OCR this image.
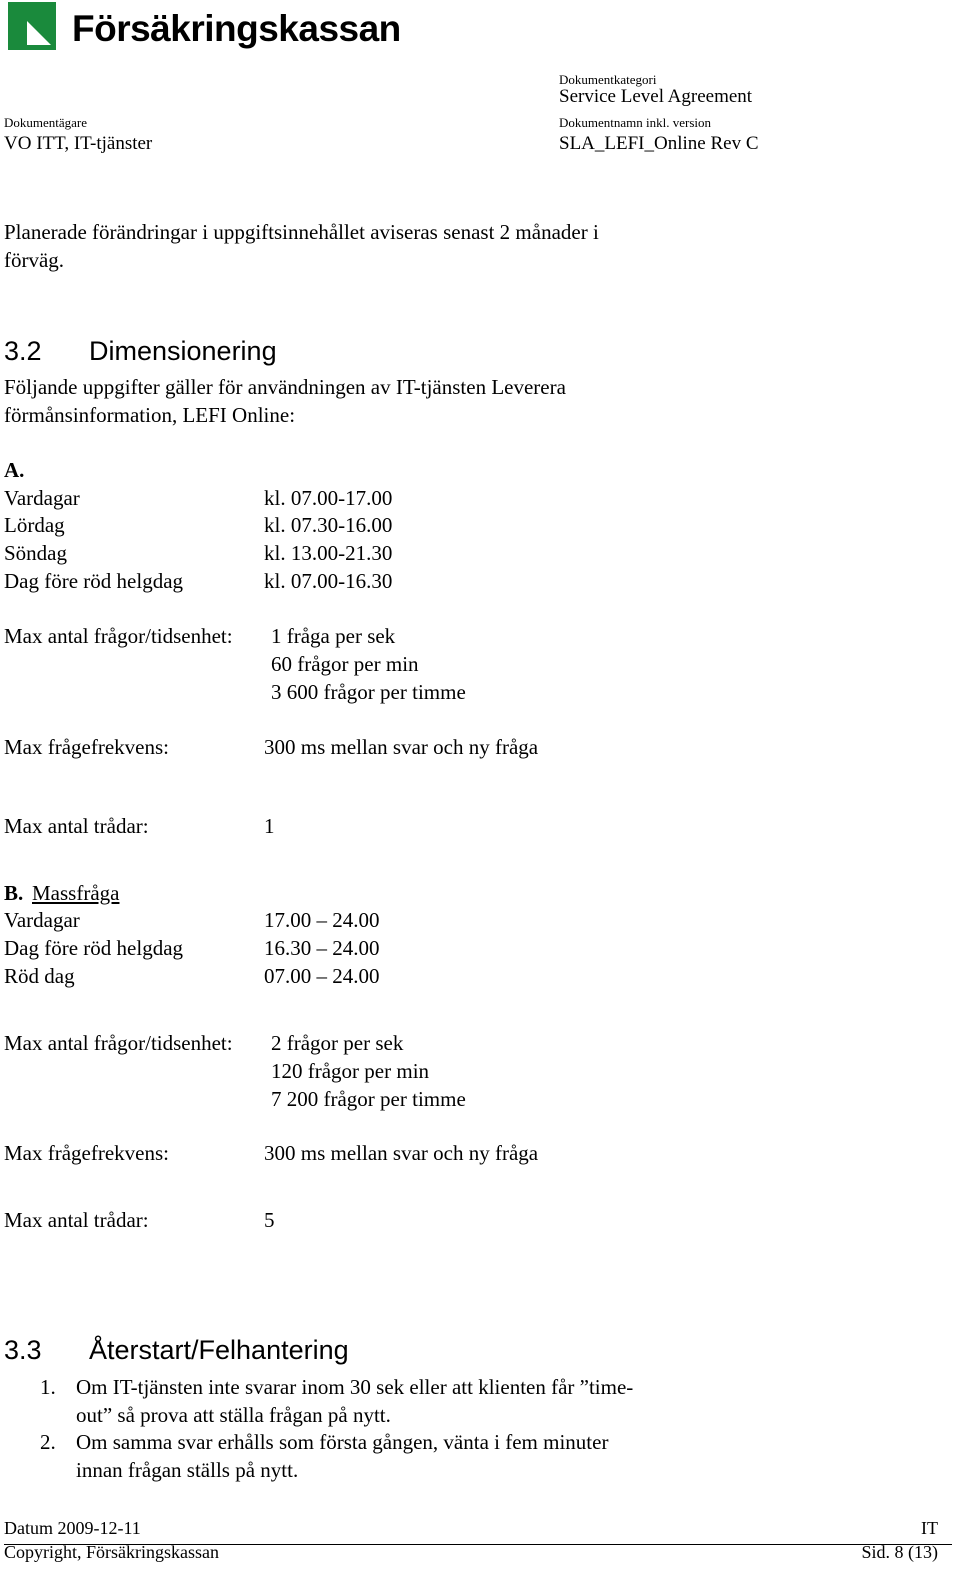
Försäkringskassan
Dokumentkategori
Service Level Agreement
Dokumentägare
VO ITT, IT-tjänster
Dokumentnamn inkl. version
SLA_LEFI_Online Rev C
Planerade förändringar i uppgiftsinnehållet aviseras senast 2 månader i
förväg.
3.2 Dimensionering
Följande uppgifter gäller för användningen av IT-tjänsten Leverera
förmånsinformation, LEFI Online:
A.
Vardagar	kl. 07.00-17.00
Lördag	kl. 07.30-16.00
Söndag	kl. 13.00-21.30
Dag före röd helgdag	kl. 07.00-16.30
Max antal frågor/tidsenhet: 1 fråga per sek
60 frågor per min
3 600 frågor per timme
Max frågefrekvens:	300 ms mellan svar och ny fråga
Max antal trådar:	1
B. Massfråga
Vardagar	17.00 – 24.00
Dag före röd helgdag	16.30 – 24.00
Röd dag	07.00 – 24.00
Max antal frågor/tidsenhet: 2 frågor per sek
120 frågor per min
7 200 frågor per timme
Max frågefrekvens:	300 ms mellan svar och ny fråga
Max antal trådar:	5
3.3 Återstart/Felhantering
1. Om IT-tjänsten inte svarar inom 30 sek eller att klienten får ”time-
out” så prova att ställa frågan på nytt.
2. Om samma svar erhålls som första gången, vänta i fem minuter
innan frågan ställs på nytt.
Datum 2009-12-11
Copyright, Försäkringskassan
IT
Sid. 8 (13)
